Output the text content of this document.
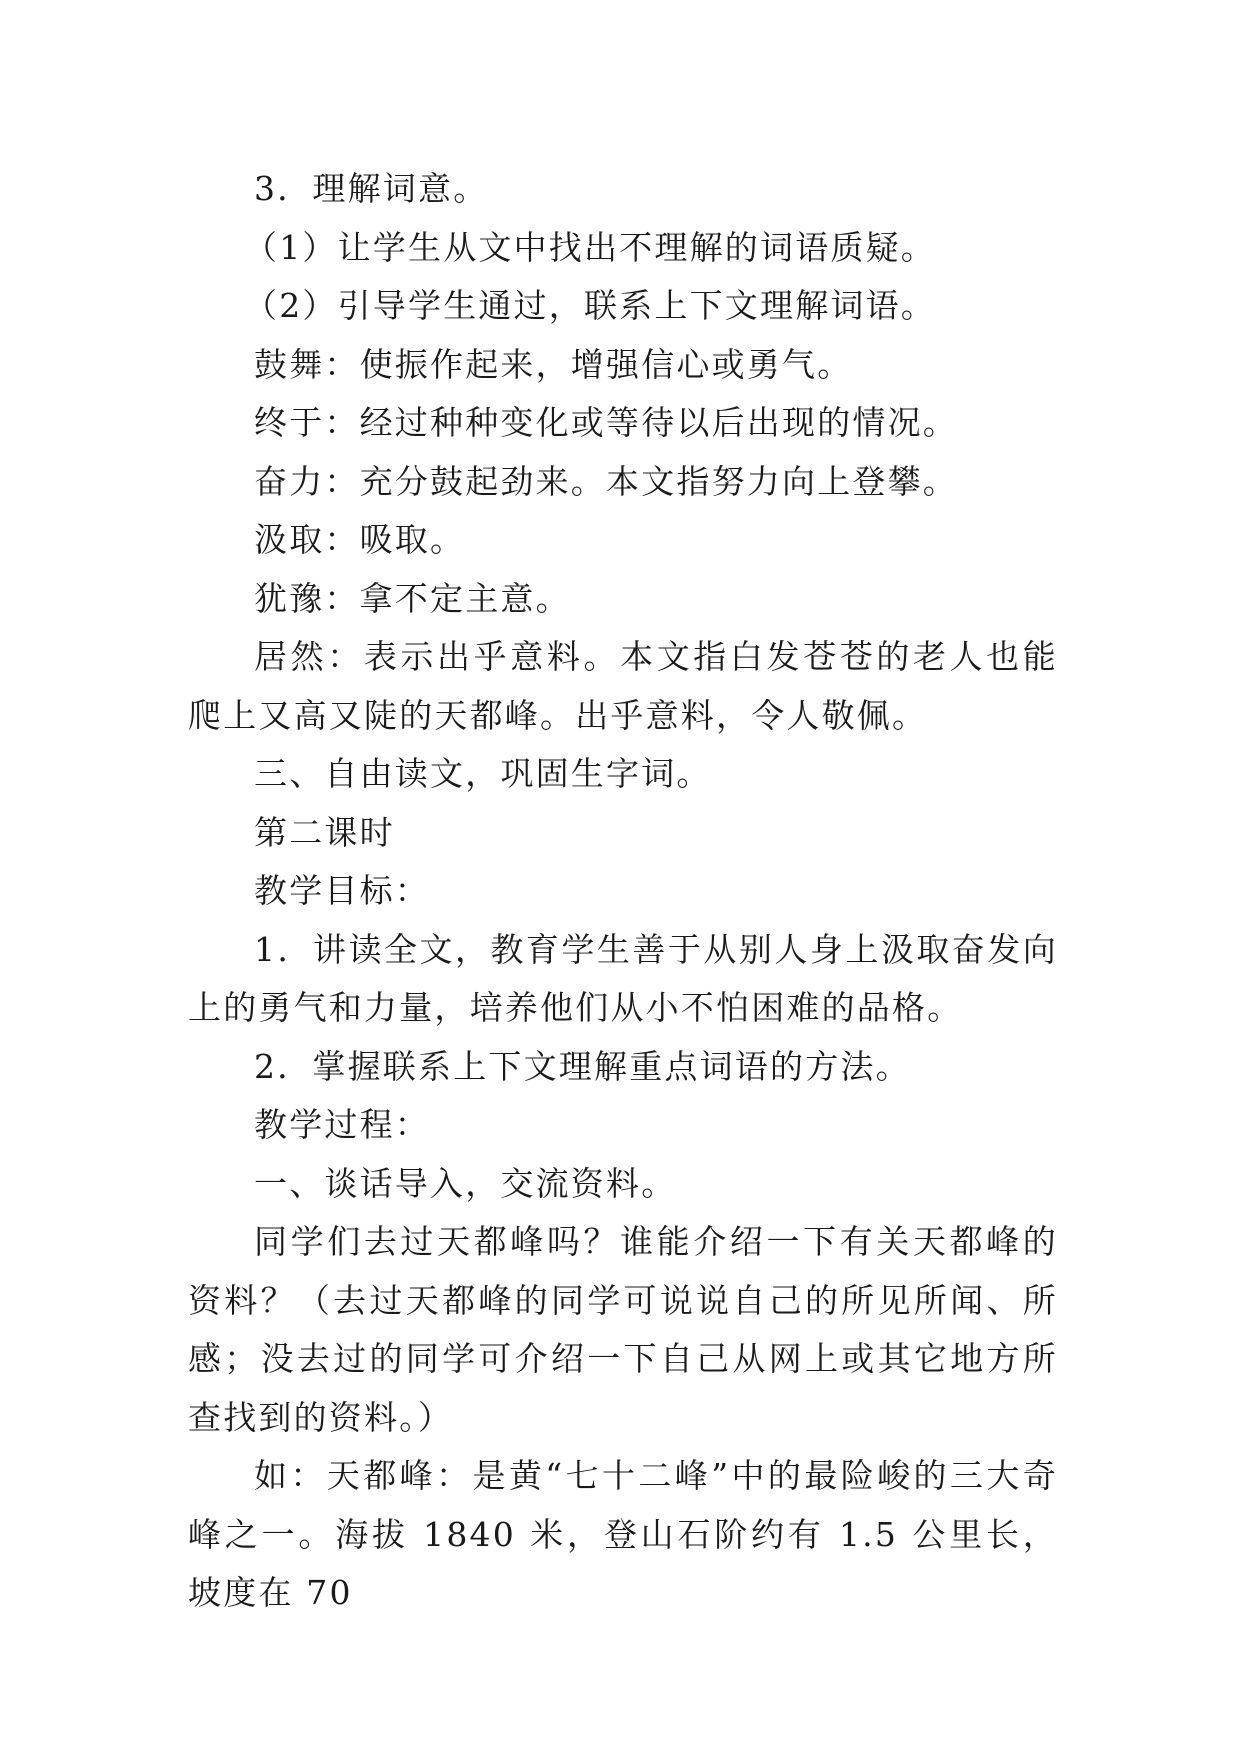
3．理解词意。

（1）让学生从文中找出不理解的词语质疑。

（2）引导学生通过，联系上下文理解词语。

鼓舞：使振作起来，增强信心或勇气。

终于：经过种种变化或等待以后出现的情况。

奋力：充分鼓起劲来。本文指努力向上登攀。

汲取：吸取。

犹豫：拿不定主意。

居然：表示出乎意料。本文指白发苍苍的老人也能爬上又高又陡的天都峰。出乎意料，令人敬佩。

三、自由读文，巩固生字词。

第二课时

教学目标：

1．讲读全文，教育学生善于从别人身上汲取奋发向上的勇气和力量，培养他们从小不怕困难的品格。

2．掌握联系上下文理解重点词语的方法。

教学过程：

一、谈话导入，交流资料。

同学们去过天都峰吗？谁能介绍一下有关天都峰的资料？（去过天都峰的同学可说说自己的所见所闻、所感；没去过的同学可介绍一下自己从网上或其它地方所查找到的资料。）

如：天都峰：是黄“七十二峰”中的最险峻的三大奇峰之一。海拔 1840 米，登山石阶约有 1.5 公里长，坡度在 70
